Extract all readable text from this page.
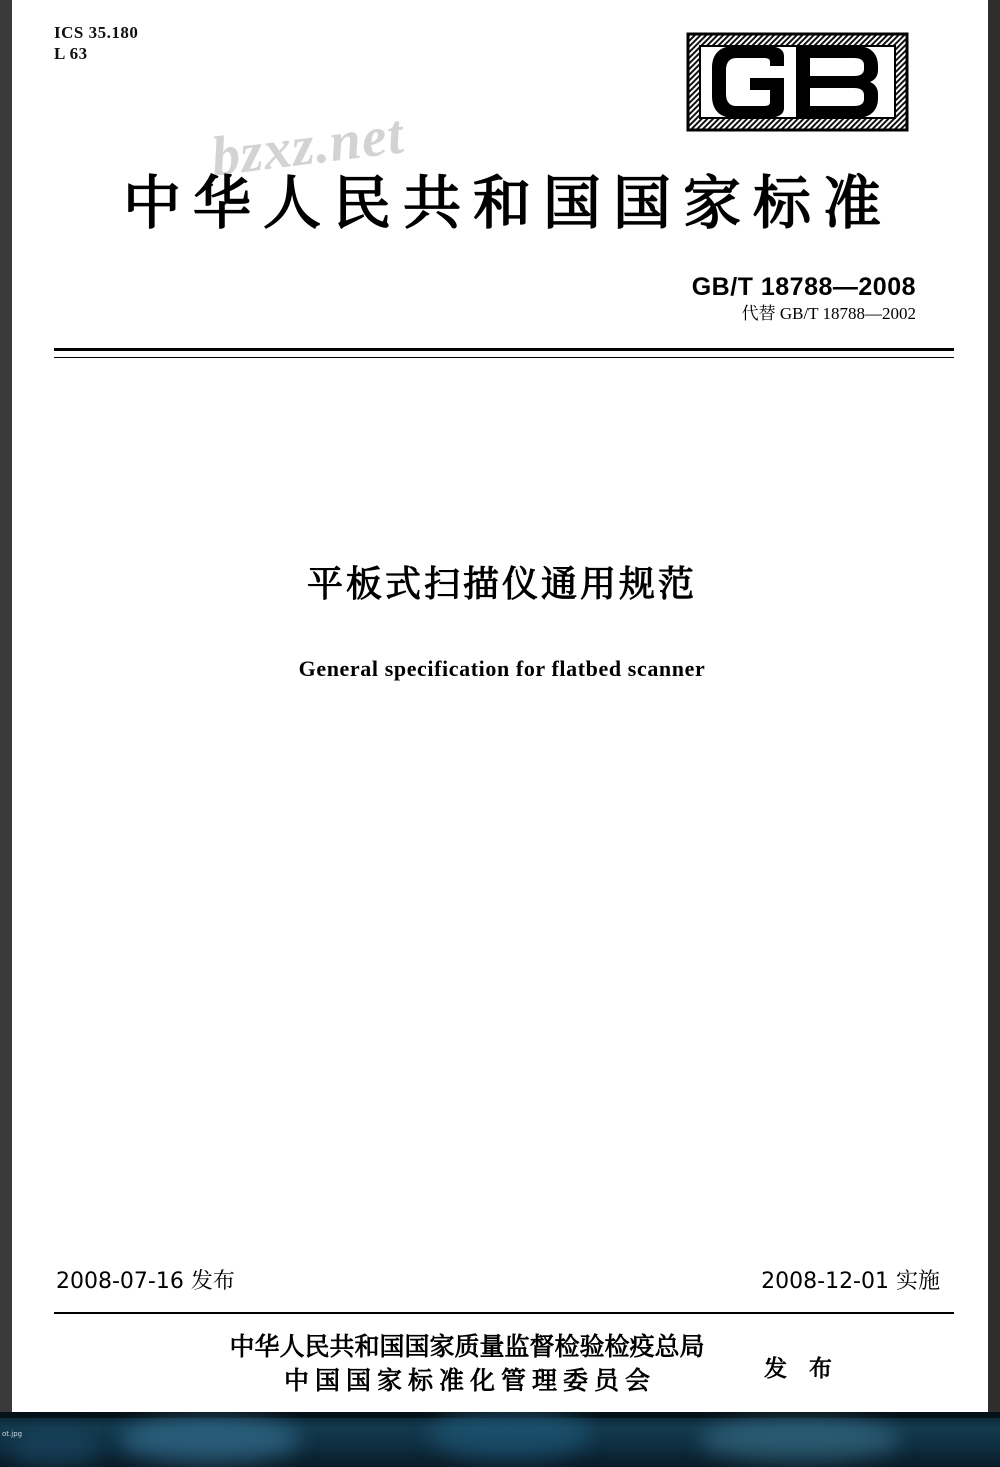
ICS 35.180
L 63
bzxz.net
中华人民共和国国家标准
GB/T 18788—2008
代替 GB/T 18788—2002
平板式扫描仪通用规范
General specification for flatbed scanner
2008-07-16 发布	2008-12-01 实施
中华人民共和国国家质量监督检验检疫总局
中国国家标准化管理委员会	发 布
ot.jpg
